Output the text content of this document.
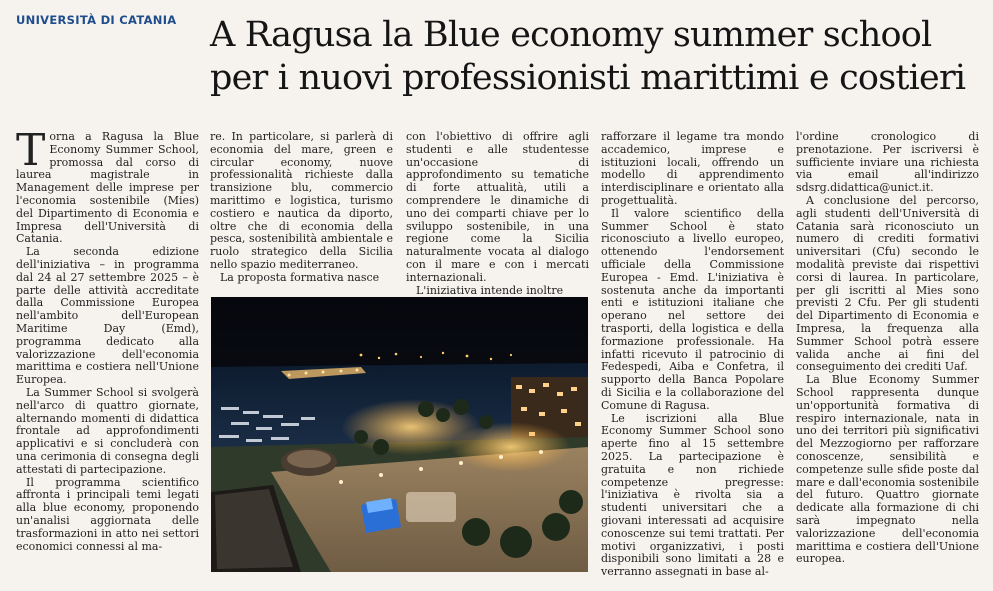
UNIVERSITÀ DI CATANIA A Ragusa la Blue economy summer school per i nuovi professionisti marittimi e costieri
T orna a Ragusa la Blue Economy Summer School, promossa dal corso di laurea magistrale in Management delle imprese per l'economia sostenibile (Mies) del Dipartimento di Economia e Impresa dell'Università di Catania.

La seconda edizione dell'iniziativa – in programma dal 24 al 27 settembre 2025 – è parte delle attività accreditate dalla Commissione Europea nell'ambito dell'European Maritime Day (Emd), programma dedicato alla valorizzazione dell'economia marittima e costiera nell'Unione Europea.

La Summer School si svolgerà nell'arco di quattro giornate, alternando momenti di didattica frontale ad approfondimenti applicativi e si concluderà con una cerimonia di consegna degli attestati di partecipazione.

Il programma scientifico affronta i principali temi legati alla blue economy, proponendo un'analisi aggiornata delle trasformazioni in atto nei settori economici connessi al ma-

re. In particolare, si parlerà di economia del mare, green e circular economy, nuove professionalità richieste dalla transizione blu, commercio marittimo e logistica, turismo costiero e nautica da diporto, oltre che di economia della pesca, sostenibilità ambientale e ruolo strategico della Sicilia nello spazio mediterraneo.

La proposta formativa nasce

con l'obiettivo di offrire agli studenti e alle studentesse un'occasione di approfondimento su tematiche di forte attualità, utili a comprendere le dinamiche di uno dei comparti chiave per lo sviluppo sostenibile, in una regione come la Sicilia naturalmente vocata al dialogo con il mare e con i mercati internazionali.

L'iniziativa intende inoltre

rafforzare il legame tra mondo accademico, imprese e istituzioni locali, offrendo un modello di apprendimento interdisciplinare e orientato alla progettualità.

Il valore scientifico della Summer School è stato riconosciuto a livello europeo, ottenendo l'endorsement ufficiale della Commissione Europea - Emd. L'iniziativa è sostenuta anche da importanti enti e istituzioni italiane che operano nel settore dei trasporti, della logistica e della formazione professionale. Ha infatti ricevuto il patrocinio di Fedespedi, Aiba e Confetra, il supporto della Banca Popolare di Sicilia e la collaborazione del Comune di Ragusa.

Le iscrizioni alla Blue Economy Summer School sono aperte fino al 15 settembre 2025. La partecipazione è gratuita e non richiede competenze pregresse: l'iniziativa è rivolta sia a studenti universitari che a giovani interessati ad acquisire conoscenze sui temi trattati. Per motivi organizzativi, i posti disponibili sono limitati a 28 e verranno assegnati in base al-

l'ordine cronologico di prenotazione. Per iscriversi è sufficiente inviare una richiesta via email all'indirizzo sdsrg.didattica@unict.it.

A conclusione del percorso, agli studenti dell'Università di Catania sarà riconosciuto un numero di crediti formativi universitari (Cfu) secondo le modalità previste dai rispettivi corsi di laurea. In particolare, per gli iscritti al Mies sono previsti 2 Cfu. Per gli studenti del Dipartimento di Economia e Impresa, la frequenza alla Summer School potrà essere valida anche ai fini del conseguimento dei crediti Uaf.

La Blue Economy Summer School rappresenta dunque un'opportunità formativa di respiro internazionale, nata in uno dei territori più significativi del Mezzogiorno per rafforzare conoscenze, sensibilità e competenze sulle sfide poste dal mare e dall'economia sostenibile del futuro. Quattro giornate dedicate alla formazione di chi sarà impegnato nella valorizzazione dell'economia marittima e costiera dell'Unione europea.
